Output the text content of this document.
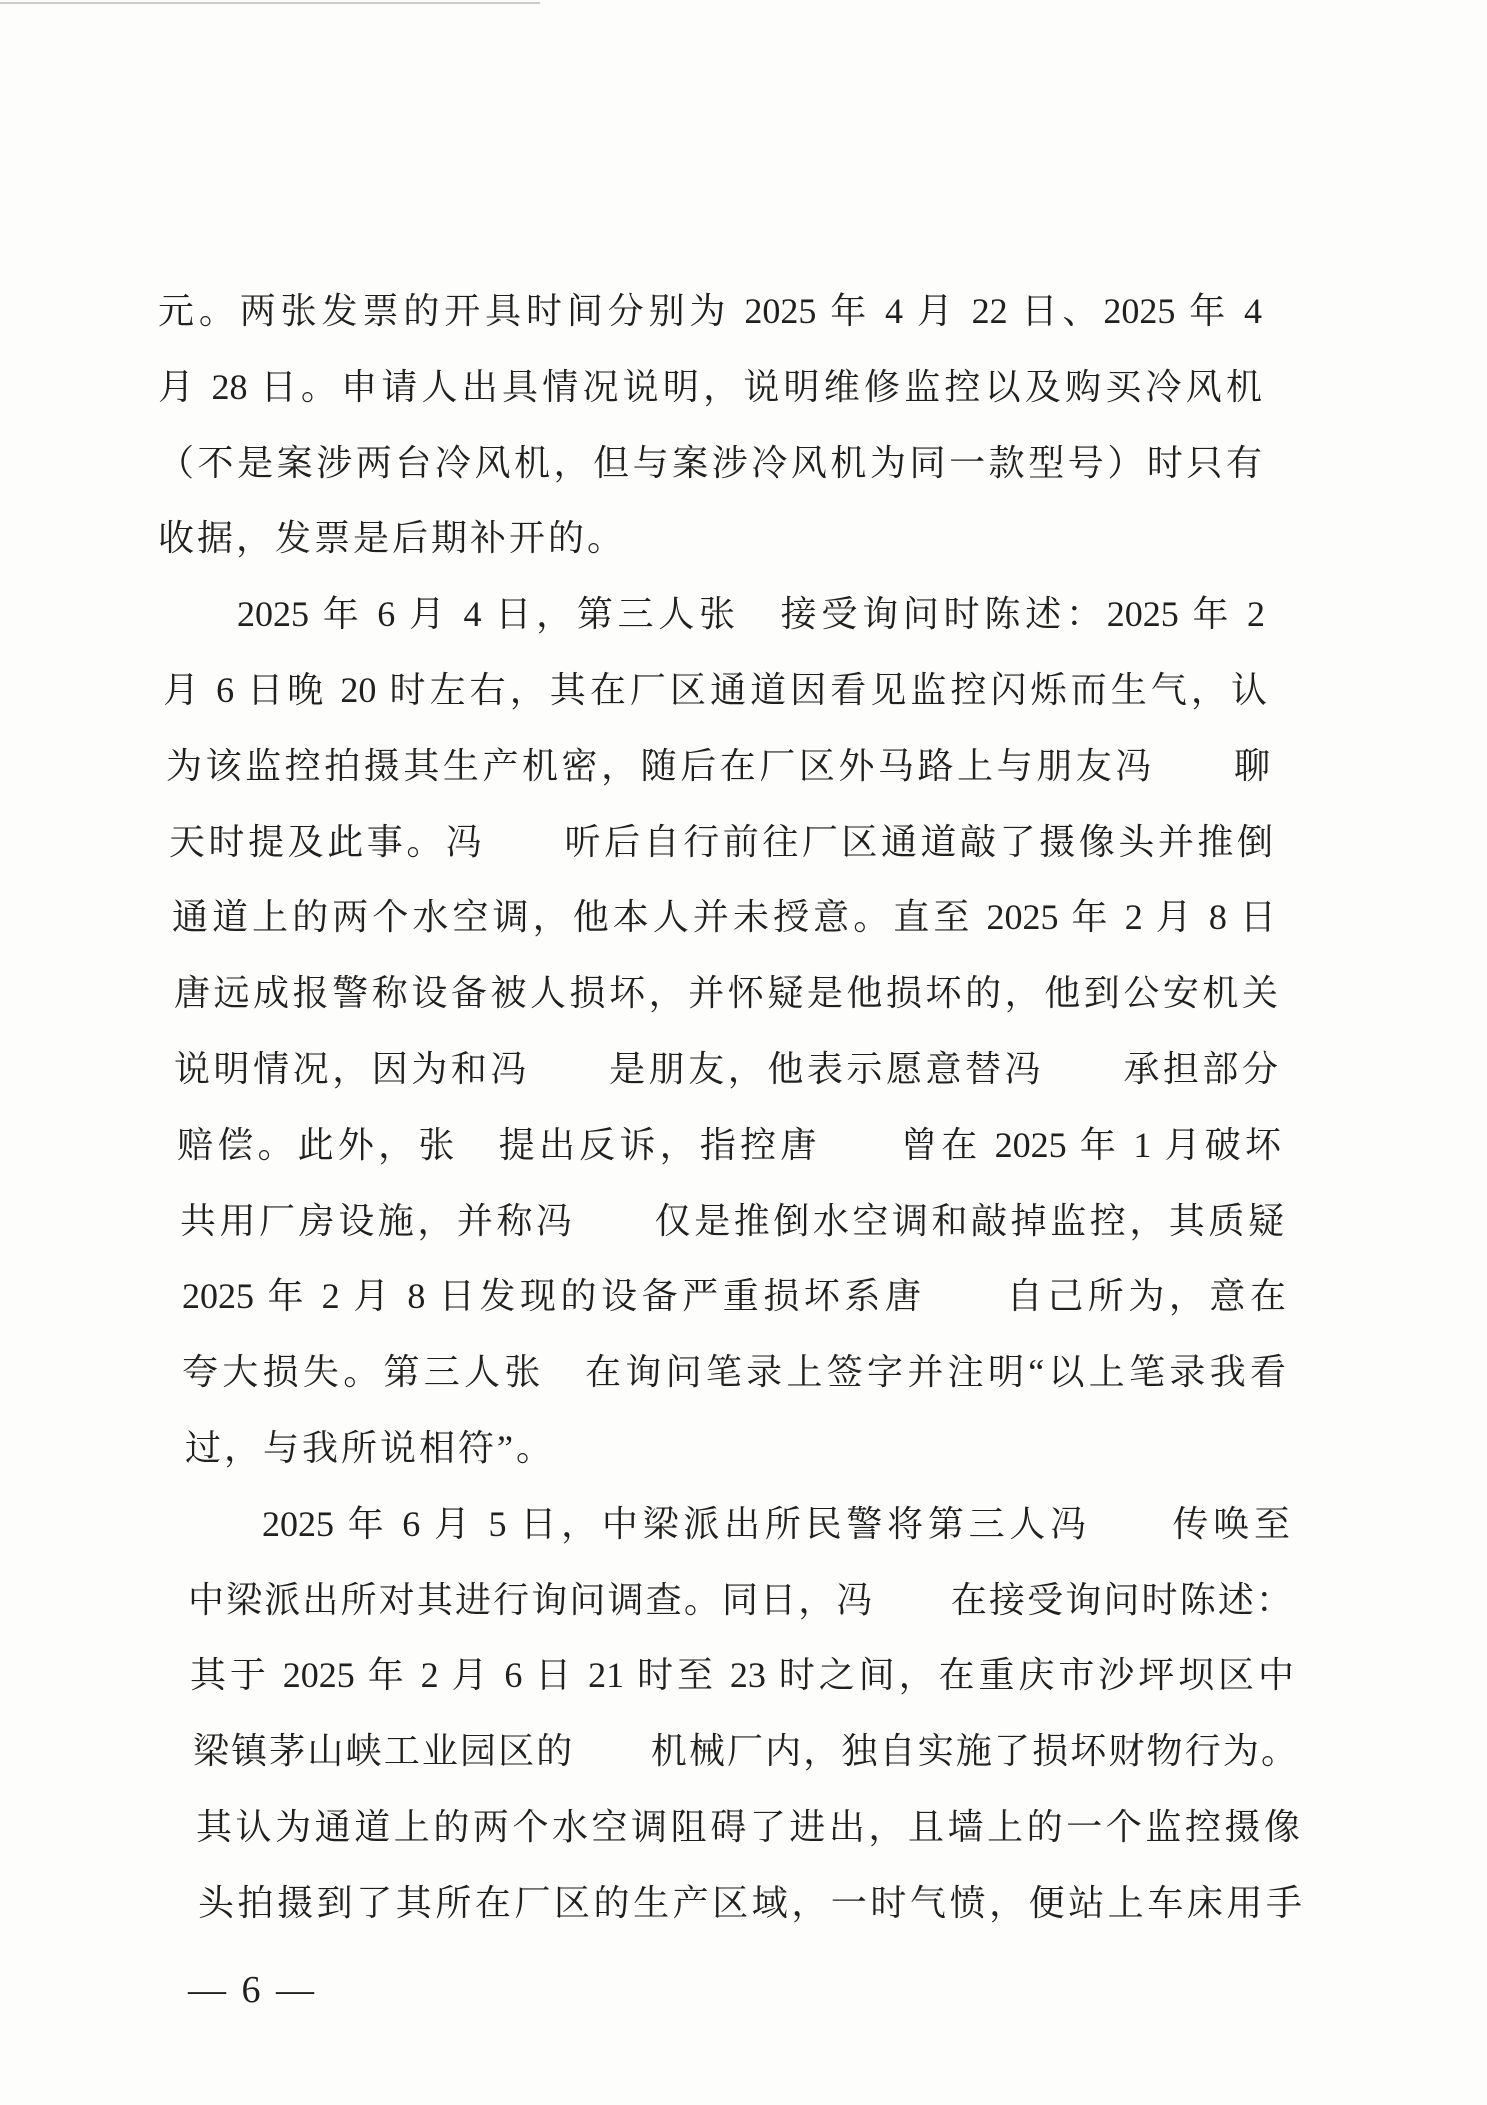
元。两张发票的开具时间分别为 2025 年 4 月 22 日、2025 年 4
月 28 日。申请人出具情况说明，说明维修监控以及购买冷风机
（不是案涉两台冷风机，但与案涉冷风机为同一款型号）时只有
收据，发票是后期补开的。
2025 年 6 月 4 日，第三人张　接受询问时陈述：2025 年 2
月 6 日晚 20 时左右，其在厂区通道因看见监控闪烁而生气，认
为该监控拍摄其生产机密，随后在厂区外马路上与朋友冯　　聊
天时提及此事。冯　　听后自行前往厂区通道敲了摄像头并推倒
通道上的两个水空调，他本人并未授意。直至 2025 年 2 月 8 日
唐远成报警称设备被人损坏，并怀疑是他损坏的，他到公安机关
说明情况，因为和冯　　是朋友，他表示愿意替冯　　承担部分
赔偿。此外，张　提出反诉，指控唐　　曾在 2025 年 1 月破坏
共用厂房设施，并称冯　　仅是推倒水空调和敲掉监控，其质疑
2025 年 2 月 8 日发现的设备严重损坏系唐　　自己所为，意在
夸大损失。第三人张　在询问笔录上签字并注明“以上笔录我看
过，与我所说相符”。
2025 年 6 月 5 日，中梁派出所民警将第三人冯　　传唤至
中梁派出所对其进行询问调查。同日，冯　　在接受询问时陈述：
其于 2025 年 2 月 6 日 21 时至 23 时之间，在重庆市沙坪坝区中
梁镇茅山峡工业园区的　　机械厂内，独自实施了损坏财物行为。
其认为通道上的两个水空调阻碍了进出，且墙上的一个监控摄像
头拍摄到了其所在厂区的生产区域，一时气愤，便站上车床用手
— 6 —
